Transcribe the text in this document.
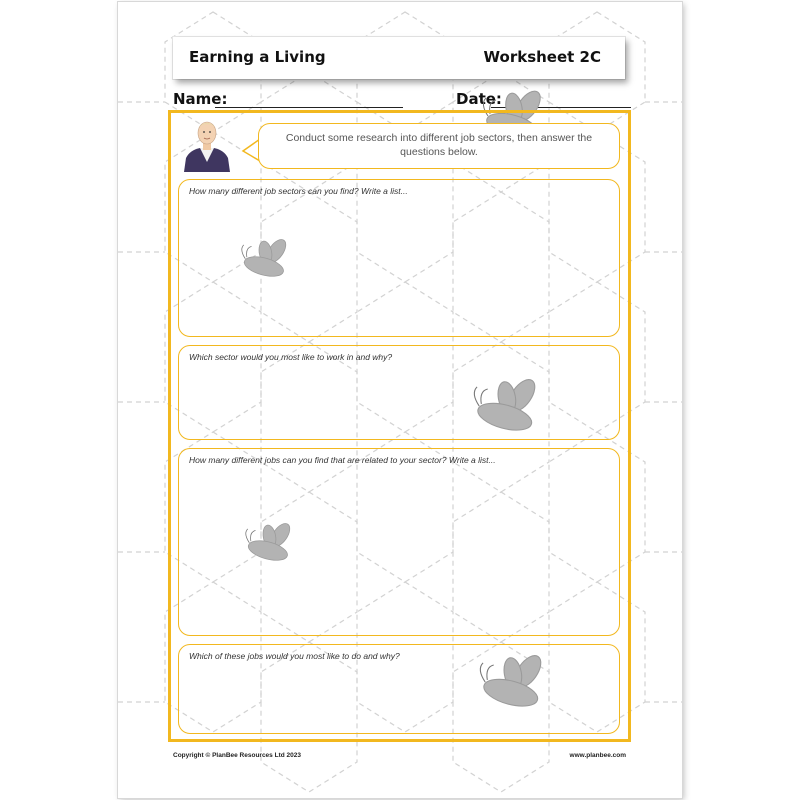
Earning a Living	Worksheet 2C
Name:	Date:
Conduct some research into different job sectors, then answer the questions below.
How many different job sectors can you find? Write a list...
Which sector would you most like to work in and why?
How many different jobs can you find that are related to your sector? Write a list...
Which of these jobs would you most like to do and why?
Copyright © PlanBee Resources Ltd 2023	www.planbee.com
